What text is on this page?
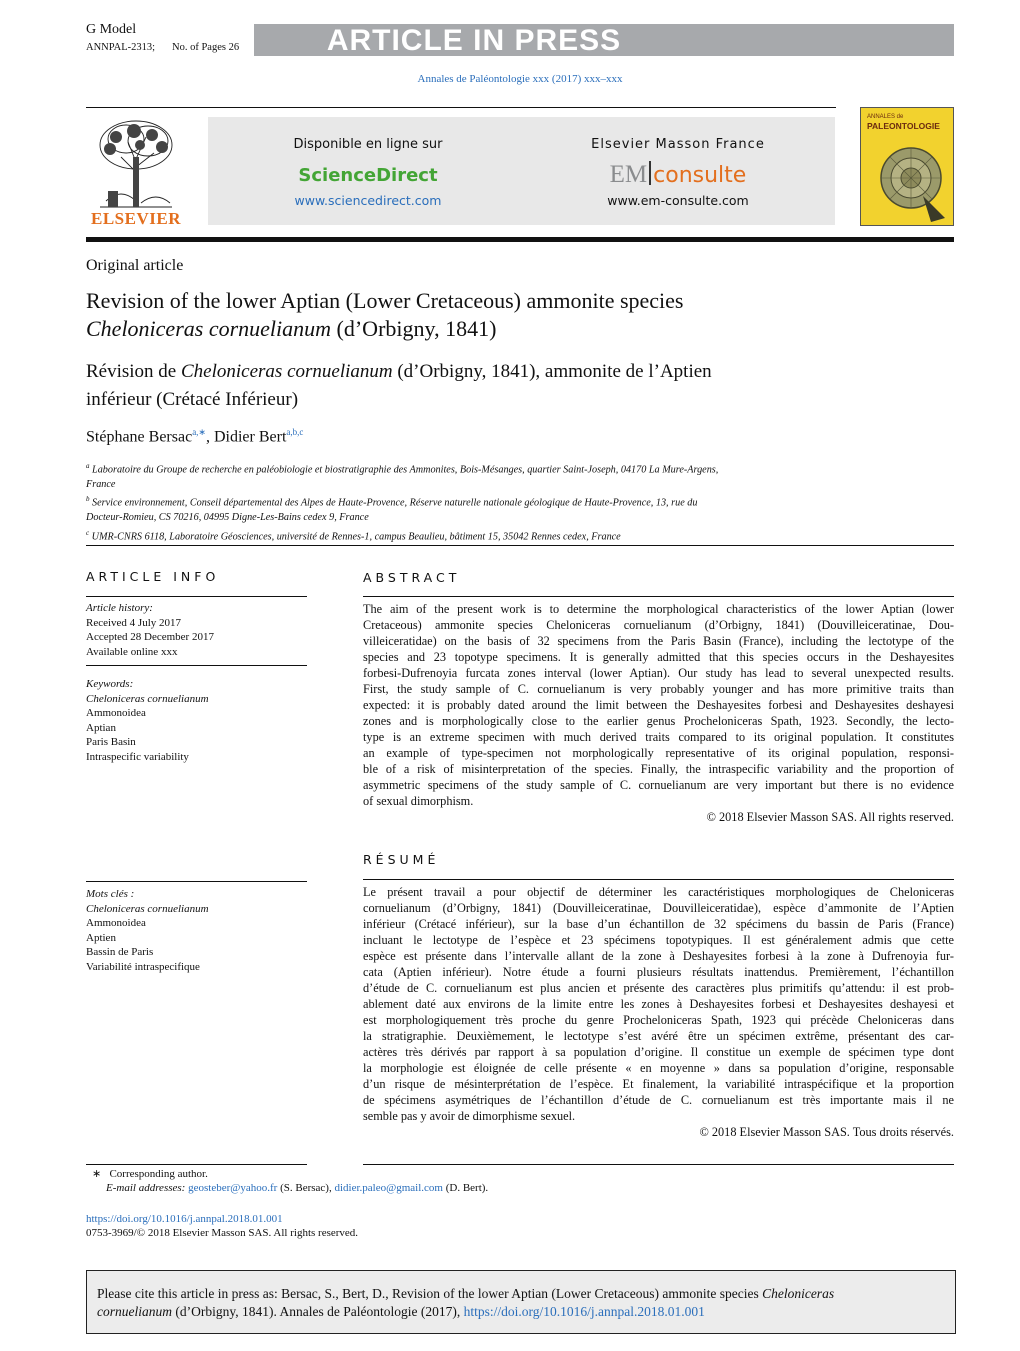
G Model
ANNPAL-2313; No. of Pages 26	ARTICLE IN PRESS
Annales de Paléontologie xxx (2017) xxx–xxx
ELSEVIER
Disponible en ligne sur
ScienceDirect
www.sciencedirect.com
Elsevier Masson France
EM consulte
www.em-consulte.com
ANNALES de
PALEONTOLOGIE
Original article
Revision of the lower Aptian (Lower Cretaceous) ammonite species
Cheloniceras cornuelianum (d’Orbigny, 1841)
Révision de Cheloniceras cornuelianum (d’Orbigny, 1841), ammonite de l’Aptien
inférieur (Crétacé Inférieur)
Stéphane Bersac$^{a,∗}$, Didier Bert$^{a,b,c}$
$^a$ Laboratoire du Groupe de recherche en paléobiologie et biostratigraphie des Ammonites, Bois-Mésanges, quartier Saint-Joseph, 04170 La Mure-Argens,
France
$^b$ Service environnement, Conseil départemental des Alpes de Haute-Provence, Réserve naturelle nationale géologique de Haute-Provence, 13, rue du
Docteur-Romieu, CS 70216, 04995 Digne-Les-Bains cedex 9, France
$^c$ UMR-CNRS 6118, Laboratoire Géosciences, université de Rennes-1, campus Beaulieu, bâtiment 15, 35042 Rennes cedex, France
ARTICLE INFO
Article history:
Received 4 July 2017
Accepted 28 December 2017
Available online xxx
Keywords:
Cheloniceras cornuelianum
Ammonoidea
Aptian
Paris Basin
Intraspecific variability
Mots clés :
Cheloniceras cornuelianum
Ammonoidea
Aptien
Bassin de Paris
Variabilité intraspecifique
ABSTRACT
The aim of the present work is to determine the morphological characteristics of the lower Aptian (lower
Cretaceous) ammonite species Cheloniceras cornuelianum (d’Orbigny, 1841) (Douvilleiceratinae, Dou-
villeiceratidae) on the basis of 32 specimens from the Paris Basin (France), including the lectotype of the
species and 23 topotype specimens. It is generally admitted that this species occurs in the Deshayesites
forbesi-Dufrenoyia furcata zones interval (lower Aptian). Our study has lead to several unexpected results.
First, the study sample of C. cornuelianum is very probably younger and has more primitive traits than
expected: it is probably dated around the limit between the Deshayesites forbesi and Deshayesites deshayesi
zones and is morphologically close to the earlier genus Procheloniceras Spath, 1923. Secondly, the lecto-
type is an extreme specimen with much derived traits compared to its original population. It constitutes
an example of type-specimen not morphologically representative of its original population, responsi-
ble of a risk of misinterpretation of the species. Finally, the intraspecific variability and the proportion of
asymmetric specimens of the study sample of C. cornuelianum are very important but there is no evidence
of sexual dimorphism.
© 2018 Elsevier Masson SAS. All rights reserved.
RÉSUMÉ
Le présent travail a pour objectif de déterminer les caractéristiques morphologiques de Cheloniceras
cornuelianum (d’Orbigny, 1841) (Douvilleiceratinae, Douvilleiceratidae), espèce d’ammonite de l’Aptien
inférieur (Crétacé inférieur), sur la base d’un échantillon de 32 spécimens du bassin de Paris (France)
incluant le lectotype de l’espèce et 23 spécimens topotypiques. Il est généralement admis que cette
espèce est présente dans l’intervalle allant de la zone à Deshayesites forbesi à la zone à Dufrenoyia fur-
cata (Aptien inférieur). Notre étude a fourni plusieurs résultats inattendus. Premièrement, l’échantillon
d’étude de C. cornuelianum est plus ancien et présente des caractères plus primitifs qu’attendu: il est prob-
ablement daté aux environs de la limite entre les zones à Deshayesites forbesi et Deshayesites deshayesi et
est morphologiquement très proche du genre Procheloniceras Spath, 1923 qui précède Cheloniceras dans
la stratigraphie. Deuxièmement, le lectotype s’est avéré être un spécimen extrême, présentant des car-
actères très dérivés par rapport à sa population d’origine. Il constitue un exemple de spécimen type dont
la morphologie est éloignée de celle présente « en moyenne » dans sa population d’origine, responsable
d’un risque de mésinterprétation de l’espèce. Et finalement, la variabilité intraspécifique et la proportion
de spécimens asymétriques de l’échantillon d’étude de C. cornuelianum est très importante mais il ne
semble pas y avoir de dimorphisme sexuel.
© 2018 Elsevier Masson SAS. Tous droits réservés.
∗ Corresponding author.
E-mail addresses: geosteber@yahoo.fr (S. Bersac), didier.paleo@gmail.com (D. Bert).
https://doi.org/10.1016/j.annpal.2018.01.001
0753-3969/© 2018 Elsevier Masson SAS. All rights reserved.
Please cite this article in press as: Bersac, S., Bert, D., Revision of the lower Aptian (Lower Cretaceous) ammonite species Cheloniceras
cornuelianum (d’Orbigny, 1841). Annales de Paléontologie (2017), https://doi.org/10.1016/j.annpal.2018.01.001
